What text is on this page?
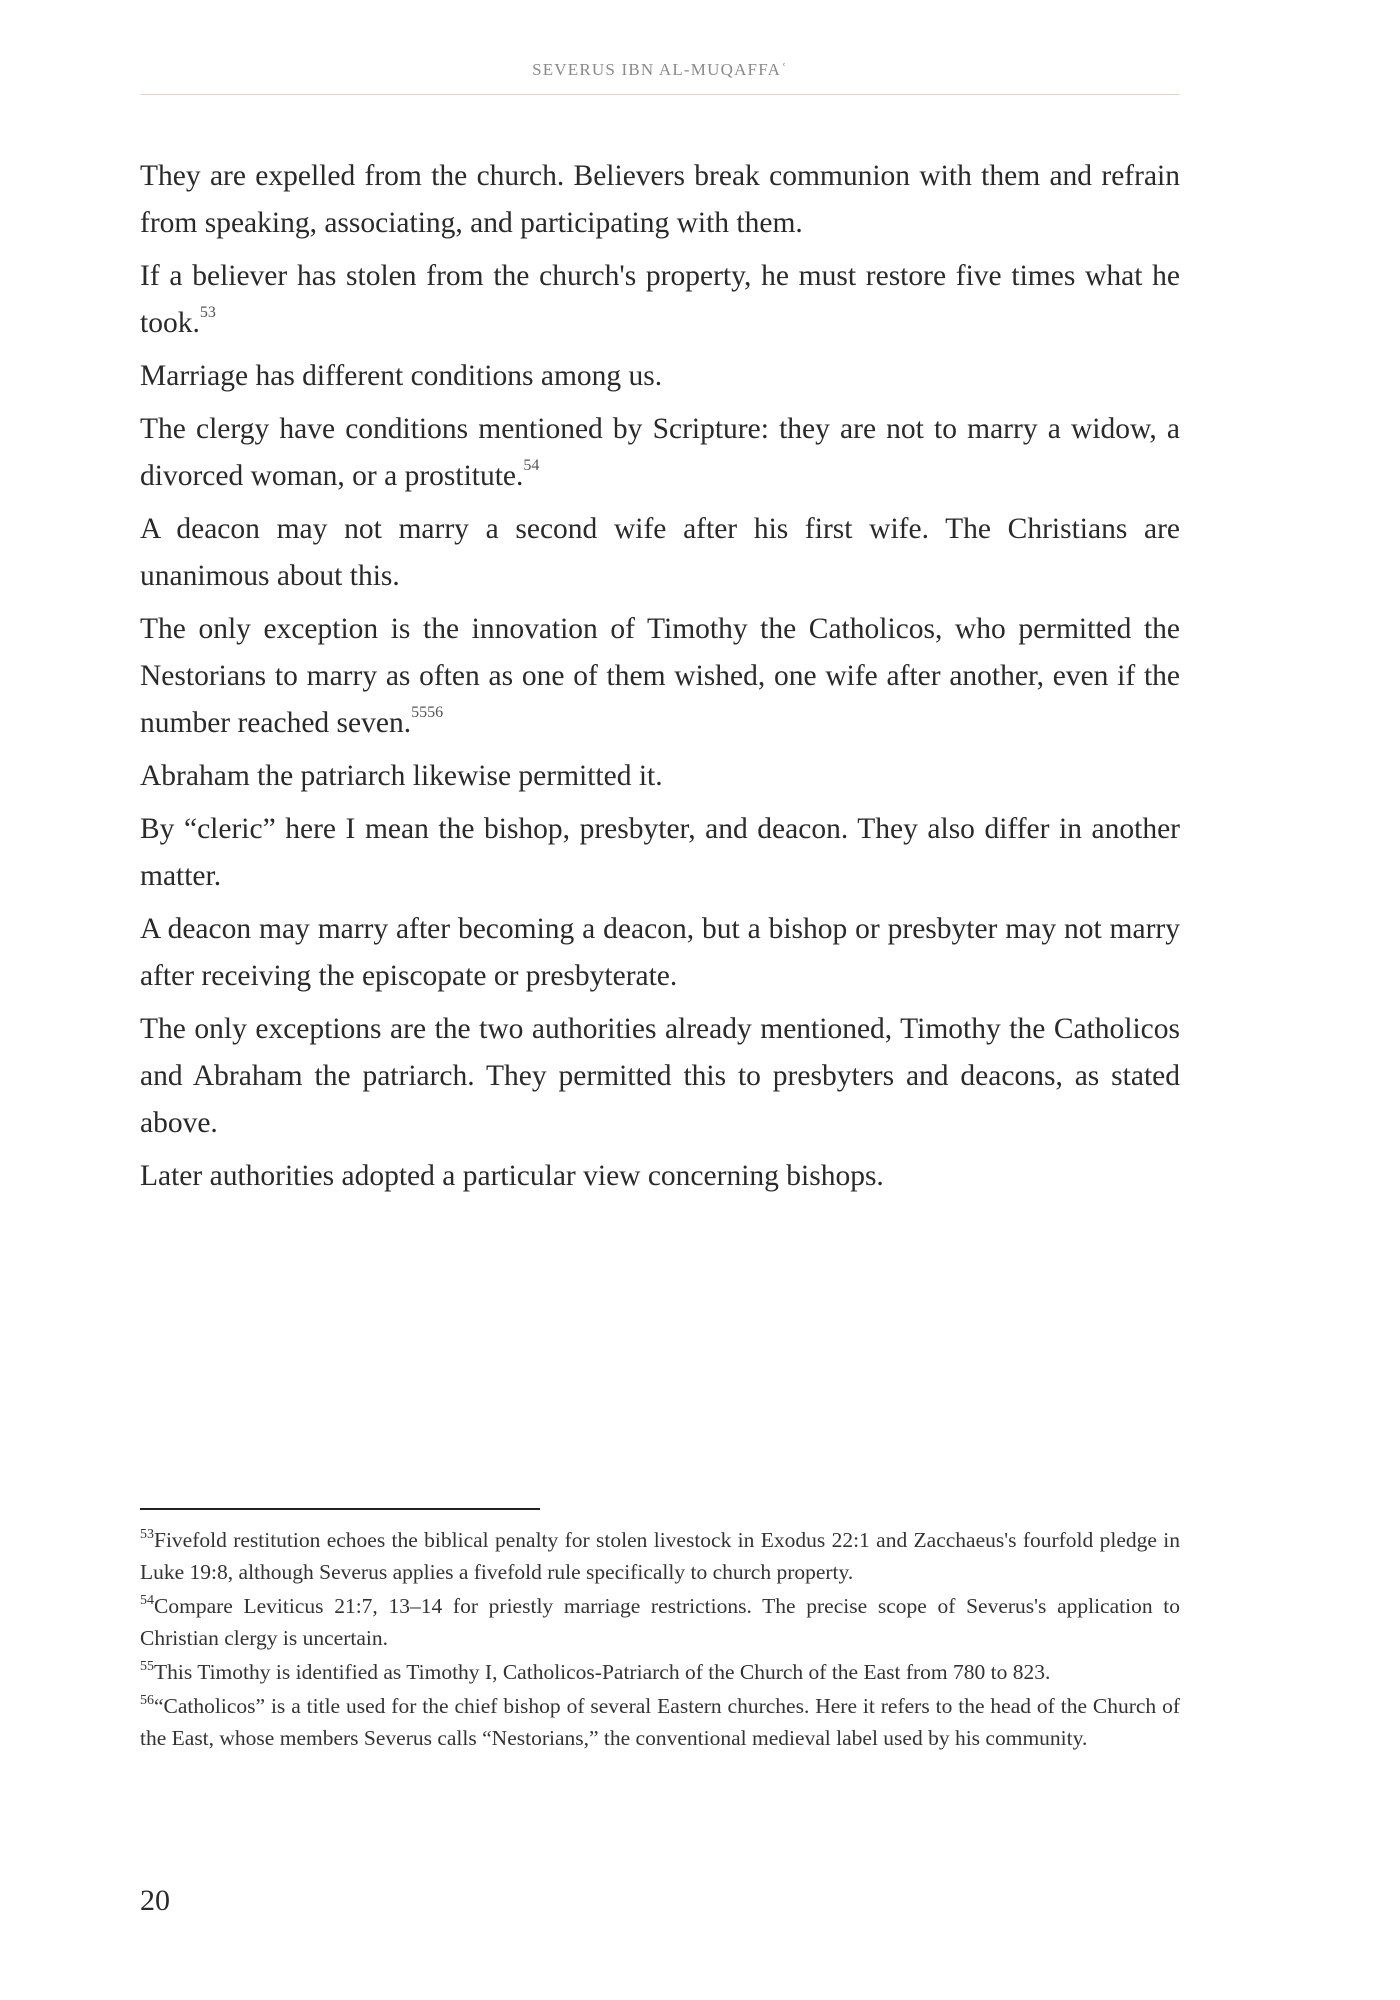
SEVERUS IBN AL-MUQAFFAʿ

They are expelled from the church. Believers break communion with them and refrain from speaking, associating, and participating with them.

If a believer has stolen from the church's property, he must restore five times what he took.$^{53}$

Marriage has different conditions among us.

The clergy have conditions mentioned by Scripture: they are not to marry a widow, a divorced woman, or a prostitute.$^{54}$

A deacon may not marry a second wife after his first wife. The Christians are unanimous about this.

The only exception is the innovation of Timothy the Catholicos, who permitted the Nestorians to marry as often as one of them wished, one wife after another, even if the number reached seven.$^{5556}$

Abraham the patriarch likewise permitted it.

By “cleric” here I mean the bishop, presbyter, and deacon. They also differ in another matter.

A deacon may marry after becoming a deacon, but a bishop or presbyter may not marry after receiving the episcopate or presbyterate.

The only exceptions are the two authorities already mentioned, Timothy the Catholicos and Abraham the patriarch. They permitted this to presbyters and deacons, as stated above.

Later authorities adopted a particular view concerning bishops.

$^{53}$Fivefold restitution echoes the biblical penalty for stolen livestock in Exodus 22:1 and Zacchaeus's fourfold pledge in Luke 19:8, although Severus applies a fivefold rule specifically to church property.

$^{54}$Compare Leviticus 21:7, 13–14 for priestly marriage restrictions. The precise scope of Severus's application to Christian clergy is uncertain.

$^{55}$This Timothy is identified as Timothy I, Catholicos-Patriarch of the Church of the East from 780 to 823.

$^{56}$“Catholicos” is a title used for the chief bishop of several Eastern churches. Here it refers to the head of the Church of the East, whose members Severus calls “Nestorians,” the conventional medieval label used by his community.

20
